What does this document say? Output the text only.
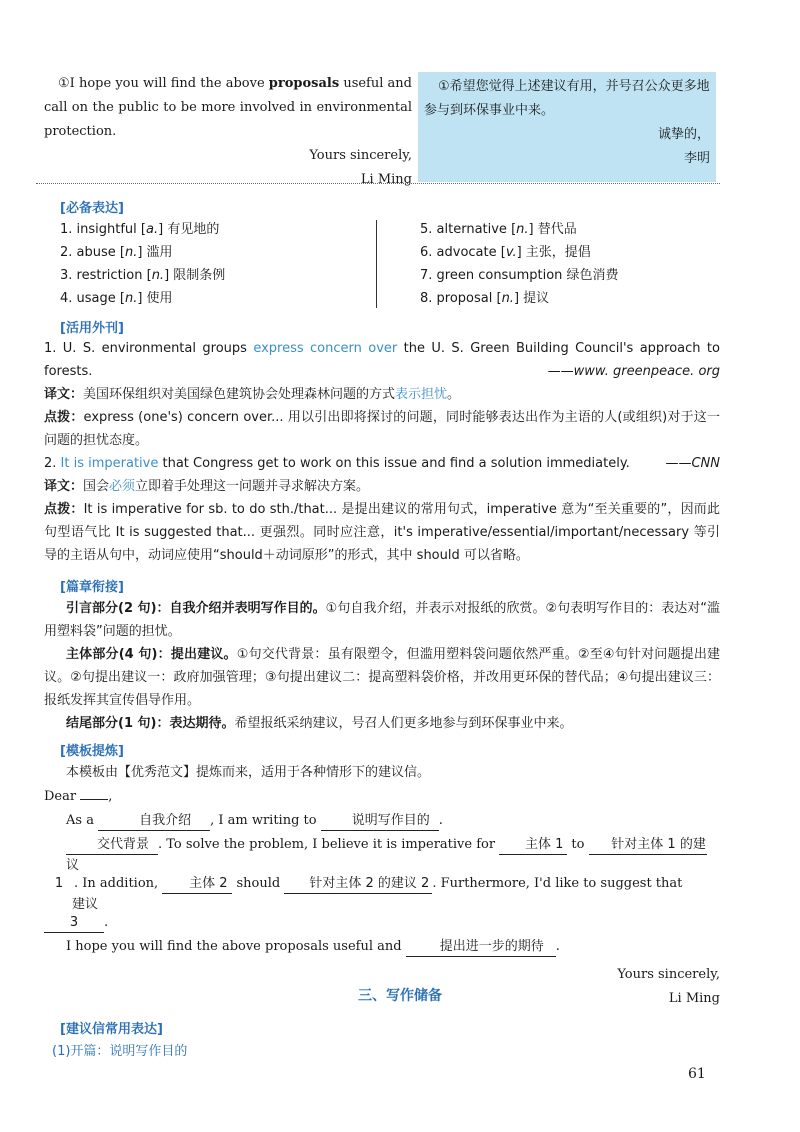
①I hope you will find the above proposals useful and call on the public to be more involved in environmental protection.

Yours sincerely,

Li Ming

①希望您觉得上述建议有用，并号召公众更多地参与到环保事业中来。

诚挚的，

李明

[ 必备表达 ]
1. insightful [a.] 有见地的
2. abuse [n.] 滥用
3. restriction [n.] 限制条例
4. usage [n.] 使用
5. alternative [n.] 替代品
6. advocate [v.] 主张，提倡
7. green consumption 绿色消费
8. proposal [n.] 提议
[ 活用外刊 ]

1. U. S. environmental groups express concern over the U. S. Green Building Council's approach to forests.	——www. greenpeace. org

译文：美国环保组织对美国绿色建筑协会处理森林问题的方式表示担忧。

点拨：express (one's) concern over... 用以引出即将探讨的问题，同时能够表达出作为主语的人(或组织)对于这一问题的担忧态度。

2. It is imperative that Congress get to work on this issue and find a solution immediately.	——CNN

译文：国会必须立即着手处理这一问题并寻求解决方案。

点拨：It is imperative for sb. to do sth./that... 是提出建议的常用句式，imperative 意为“至关重要的”，因而此句型语气比 It is suggested that... 更强烈。同时应注意，it's imperative/essential/important/necessary 等引导的主语从句中，动词应使用“should＋动词原形”的形式，其中 should 可以省略。

[ 篇章衔接 ]

引言部分(2 句)：自我介绍并表明写作目的。①句自我介绍，并表示对报纸的欣赏。②句表明写作目的：表达对“滥用塑料袋”问题的担忧。

主体部分(4 句)：提出建议。①句交代背景：虽有限塑令，但滥用塑料袋问题依然严重。②至④句针对问题提出建议。②句提出建议一：政府加强管理；③句提出建议二：提高塑料袋价格，并改用更环保的替代品；④句提出建议三：报纸发挥其宣传倡导作用。

结尾部分(1 句)：表达期待。希望报纸采纳建议，号召人们更多地参与到环保事业中来。

[ 模板提炼 ]

本模板由【优秀范文】提炼而来，适用于各种情形下的建议信。

Dear ,

As a	自我介绍 , I am writing to	说明写作目的 .

交代背景 . To solve the problem, I believe it is imperative for 主体 1 to 针对主体 1 的建
议 1 . In addition, 主体 2 should 针对主体 2 的建议 2 . Furthermore, I'd like to suggest that
建议 3 .

I hope you will find the above proposals useful and	提出进一步的期待 .

Yours sincerely,

Li Ming

三、写作储备
[ 建议信常用表达 ]
(1)开篇：说明写作目的
61
